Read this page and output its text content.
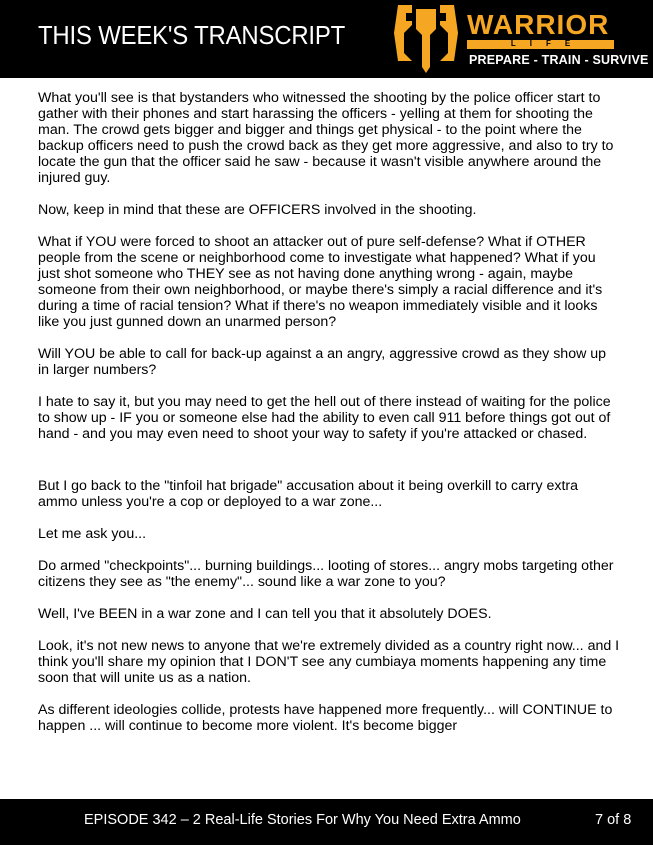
THIS WEEK'S TRANSCRIPT	WARRIOR
LIFE
PREPARE - TRAIN - SURVIVE

What you'll see is that bystanders who witnessed the shooting by the police officer start to gather with their phones and start harassing the officers - yelling at them for shooting the man. The crowd gets bigger and bigger and things get physical - to the point where the backup officers need to push the crowd back as they get more aggressive, and also to try to locate the gun that the officer said he saw - because it wasn't visible anywhere around the injured guy.

Now, keep in mind that these are OFFICERS involved in the shooting.

What if YOU were forced to shoot an attacker out of pure self-defense? What if OTHER people from the scene or neighborhood come to investigate what happened? What if you just shot someone who THEY see as not having done anything wrong - again, maybe someone from their own neighborhood, or maybe there's simply a racial difference and it's during a time of racial tension? What if there's no weapon immediately visible and it looks like you just gunned down an unarmed person?

Will YOU be able to call for back-up against a an angry, aggressive crowd as they show up in larger numbers?

I hate to say it, but you may need to get the hell out of there instead of waiting for the police to show up - IF you or someone else had the ability to even call 911 before things got out of hand - and you may even need to shoot your way to safety if you're attacked or chased.

But I go back to the "tinfoil hat brigade" accusation about it being overkill to carry extra ammo unless you're a cop or deployed to a war zone...

Let me ask you...

Do armed "checkpoints"... burning buildings... looting of stores... angry mobs targeting other citizens they see as "the enemy"... sound like a war zone to you?

Well, I've BEEN in a war zone and I can tell you that it absolutely DOES.

Look, it's not new news to anyone that we're extremely divided as a country right now... and I think you'll share my opinion that I DON'T see any cumbiaya moments happening any time soon that will unite us as a nation.

As different ideologies collide, protests have happened more frequently... will CONTINUE to happen ... will continue to become more violent. It's become bigger

EPISODE 342 – 2 Real-Life Stories For Why You Need Extra Ammo	7 of 8
